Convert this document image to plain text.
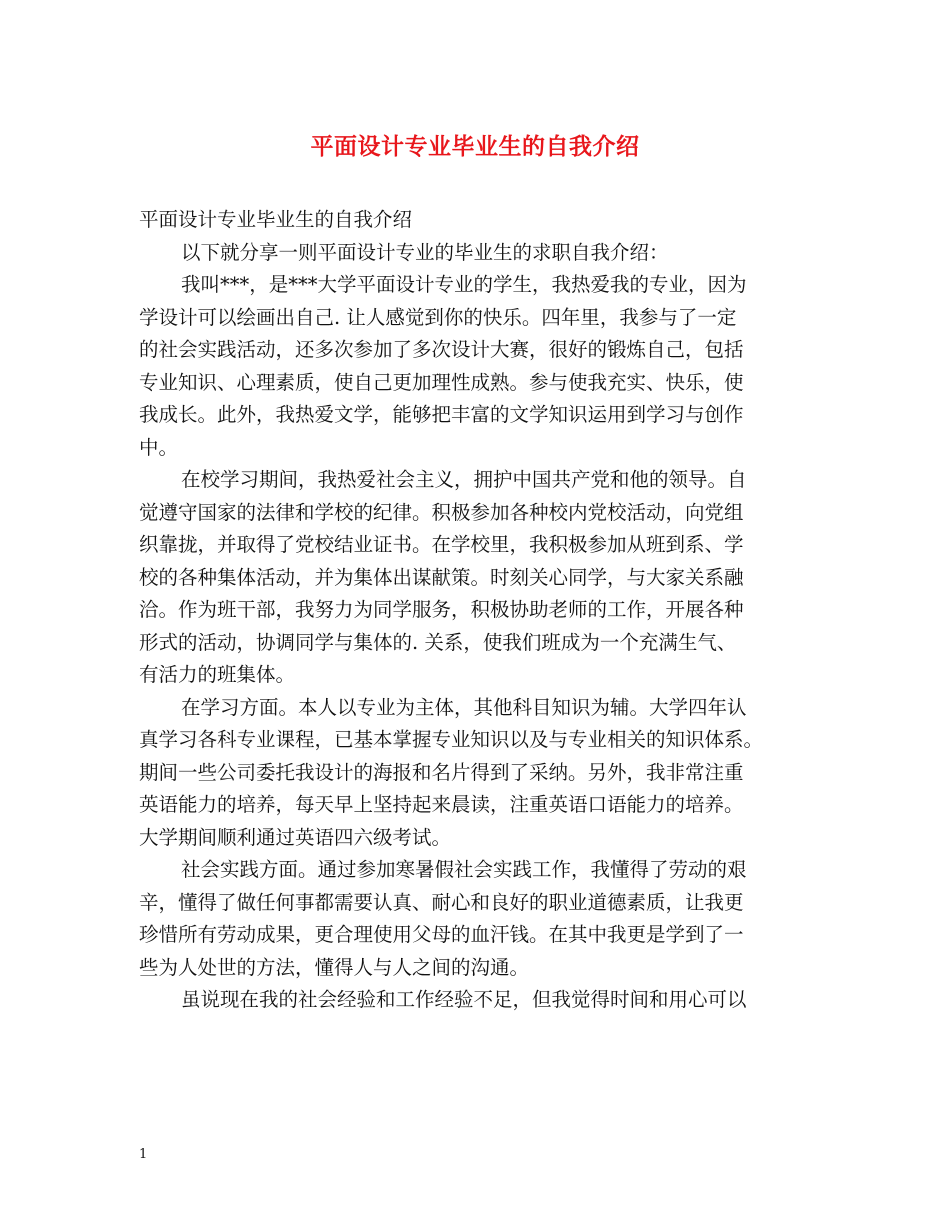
平面设计专业毕业生的自我介绍
平面设计专业毕业生的自我介绍
以下就分享一则平面设计专业的毕业生的求职自我介绍：
我叫***，是***大学平面设计专业的学生，我热爱我的专业，因为
学设计可以绘画出自己. 让人感觉到你的快乐。四年里，我参与了一定
的社会实践活动，还多次参加了多次设计大赛，很好的锻炼自己，包括
专业知识、心理素质，使自己更加理性成熟。参与使我充实、快乐，使
我成长。此外，我热爱文学，能够把丰富的文学知识运用到学习与创作
中。
在校学习期间，我热爱社会主义，拥护中国共产党和他的领导。自
觉遵守国家的法律和学校的纪律。积极参加各种校内党校活动，向党组
织靠拢，并取得了党校结业证书。在学校里，我积极参加从班到系、学
校的各种集体活动，并为集体出谋献策。时刻关心同学，与大家关系融
洽。作为班干部，我努力为同学服务，积极协助老师的工作，开展各种
形式的活动，协调同学与集体的. 关系，使我们班成为一个充满生气、
有活力的班集体。
在学习方面。本人以专业为主体，其他科目知识为辅。大学四年认
真学习各科专业课程，已基本掌握专业知识以及与专业相关的知识体系。
期间一些公司委托我设计的海报和名片得到了采纳。另外，我非常注重
英语能力的培养，每天早上坚持起来晨读，注重英语口语能力的培养。
大学期间顺利通过英语四六级考试。
社会实践方面。通过参加寒暑假社会实践工作，我懂得了劳动的艰
辛，懂得了做任何事都需要认真、耐心和良好的职业道德素质，让我更
珍惜所有劳动成果，更合理使用父母的血汗钱。在其中我更是学到了一
些为人处世的方法，懂得人与人之间的沟通。
虽说现在我的社会经验和工作经验不足，但我觉得时间和用心可以
1
